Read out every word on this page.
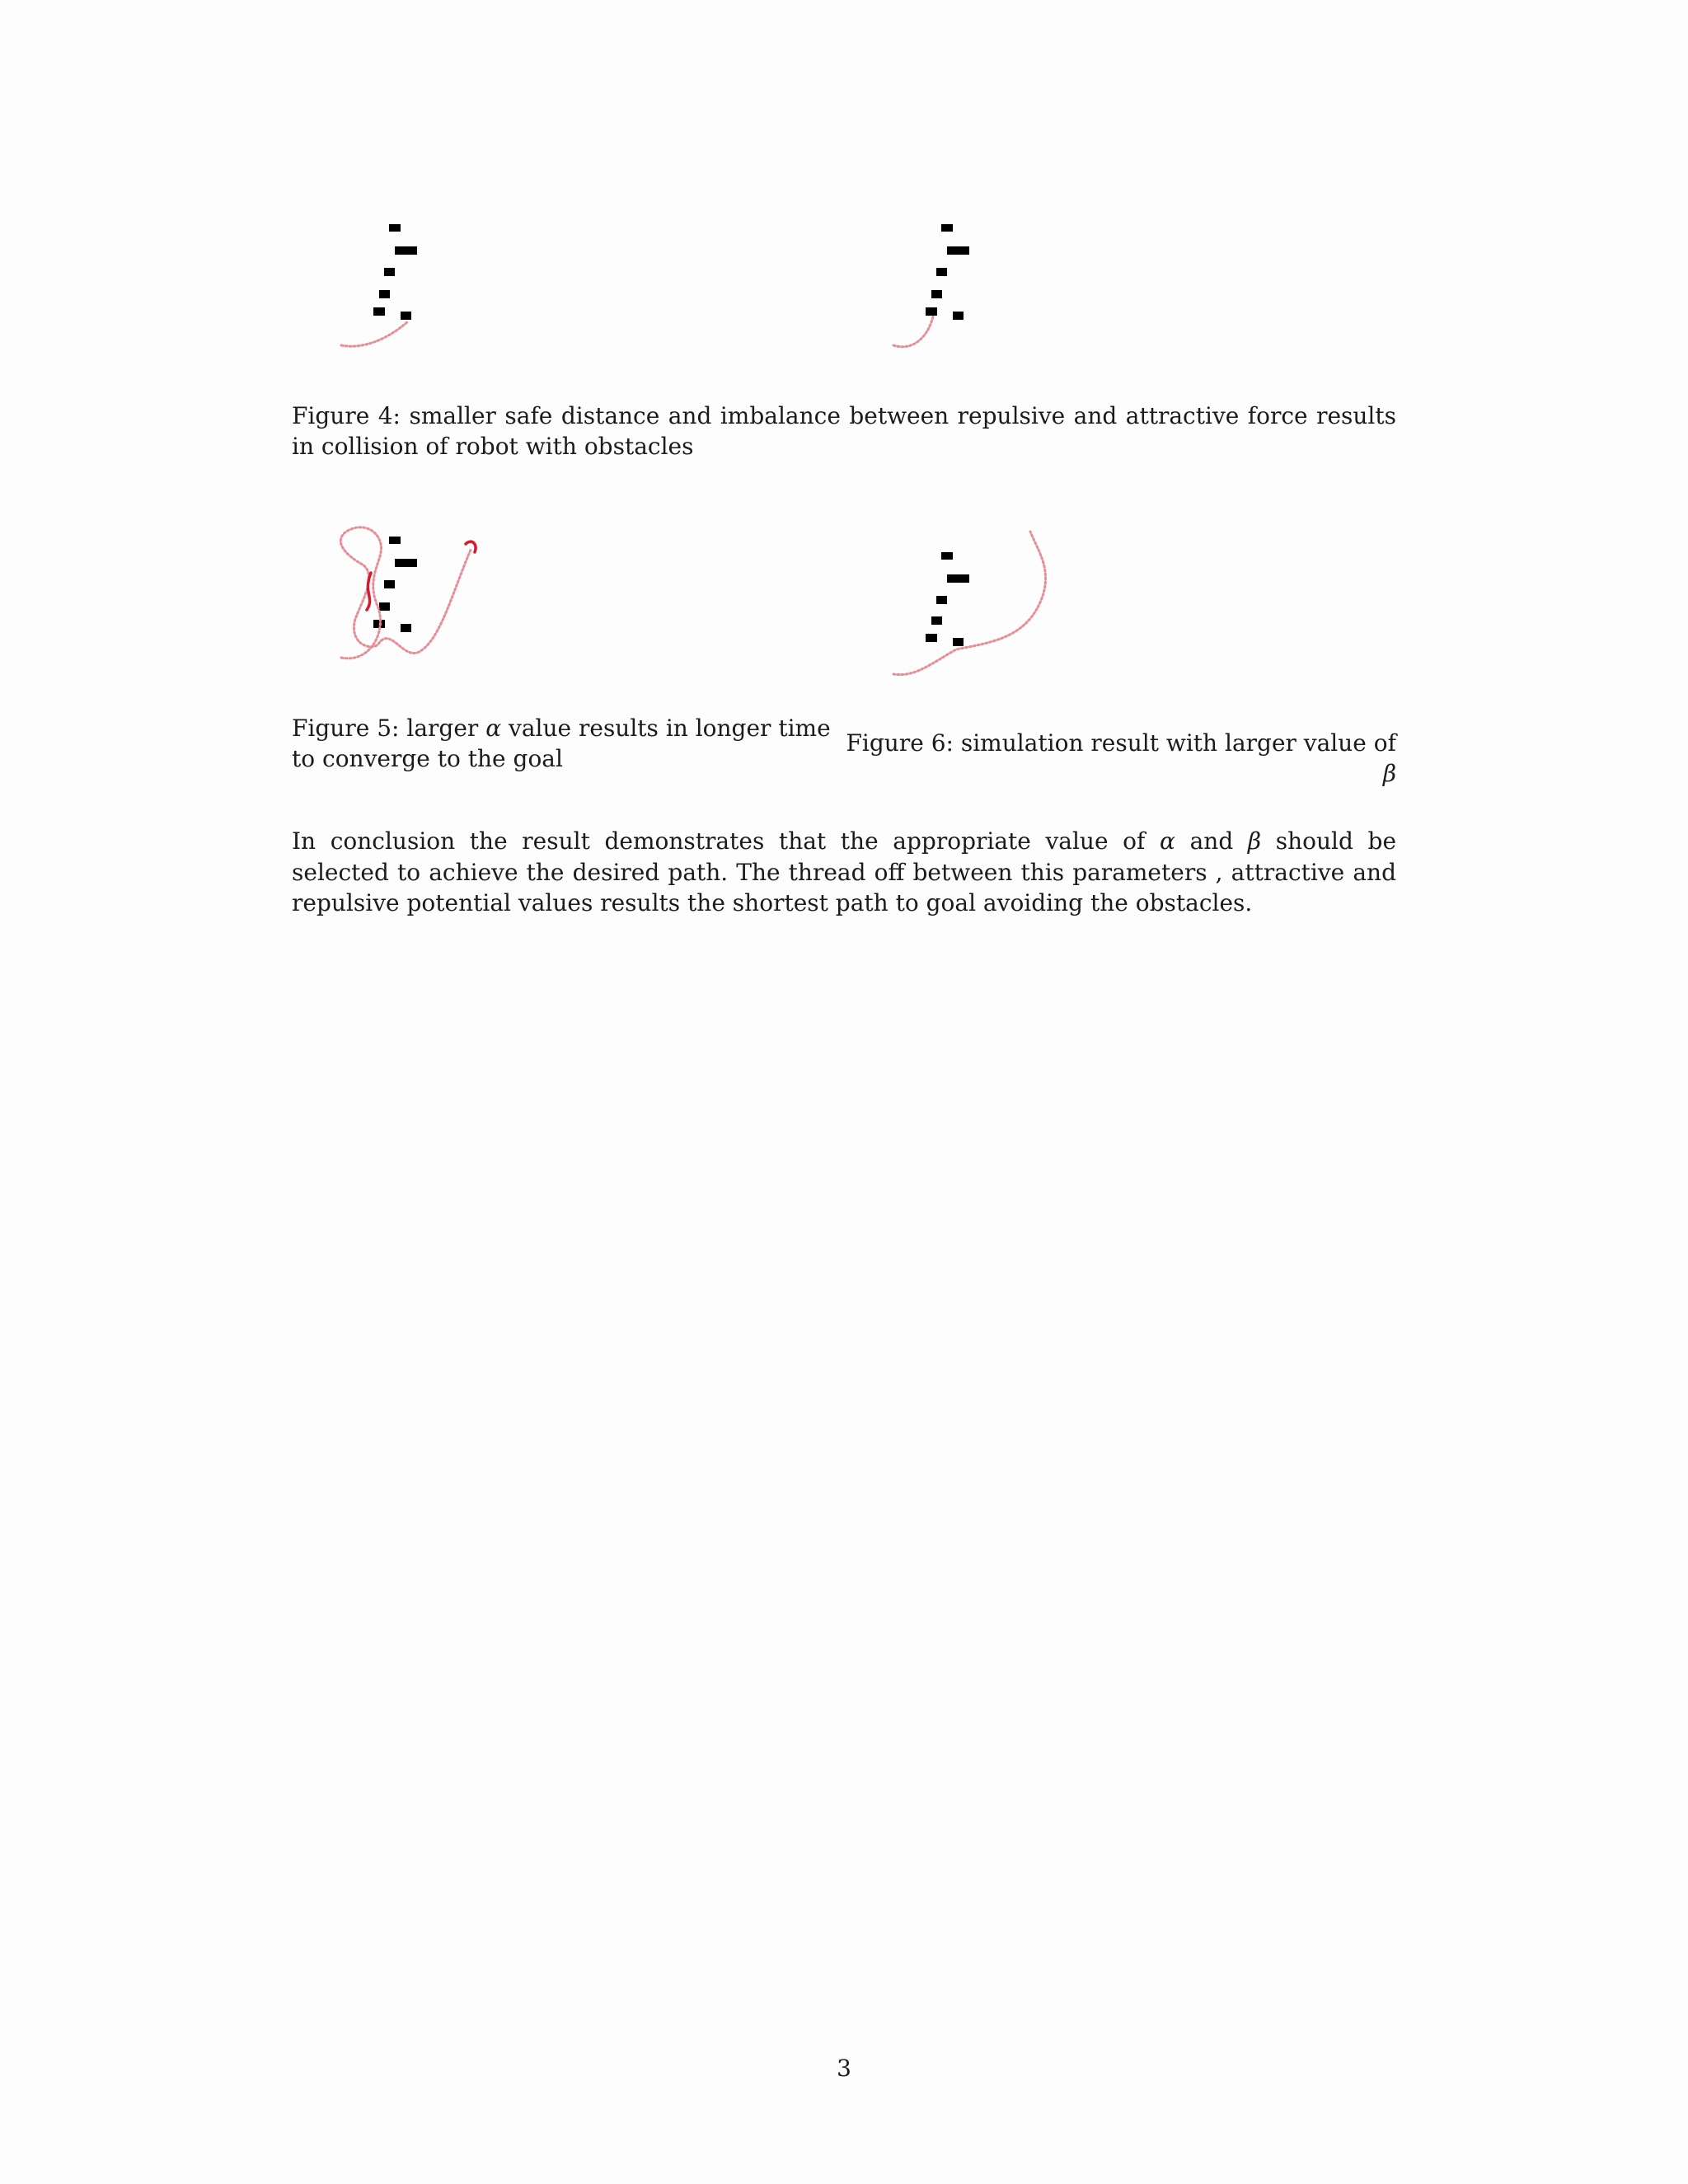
Figure 4: smaller safe distance and imbalance between repulsive and attractive force results in collision of robot with obstacles
Figure 5: larger α value results in longer time to converge to the goal
Figure 6: simulation result with larger value of β
In conclusion the result demonstrates that the appropriate value of α and β should be selected to achieve the desired path. The thread off between this parameters , attractive and repulsive potential values results the shortest path to goal avoiding the obstacles.
3
